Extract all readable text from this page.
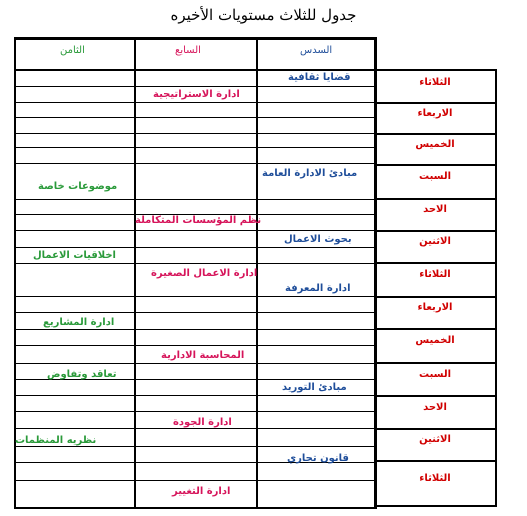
جدول للثلاث مستويات الأخيره
السدس
السابع
الثامن
قضايا ثقافية
مبادئ الادارة العامة
بحوث الاعمال
ادارة المعرفة
مبادئ التوريد
قانون تجاري
ادارة الاستراتيجية
نظم المؤسسات المتكاملة
ادارة الاعمال الصغيرة
المحاسبة الادارية
ادارة الجودة
ادارة التغيير
موضوعات خاصة
اخلاقيات الاعمال
ادارة المشاريع
تعاقد وتفاوض
نظريه المنظمات
الثلاثاء
الاربعاء
الخميس
السبت
الاحد
الاثنين
الثلاثاء
الاربعاء
الخميس
السبت
الاحد
الاثنين
الثلاثاء
